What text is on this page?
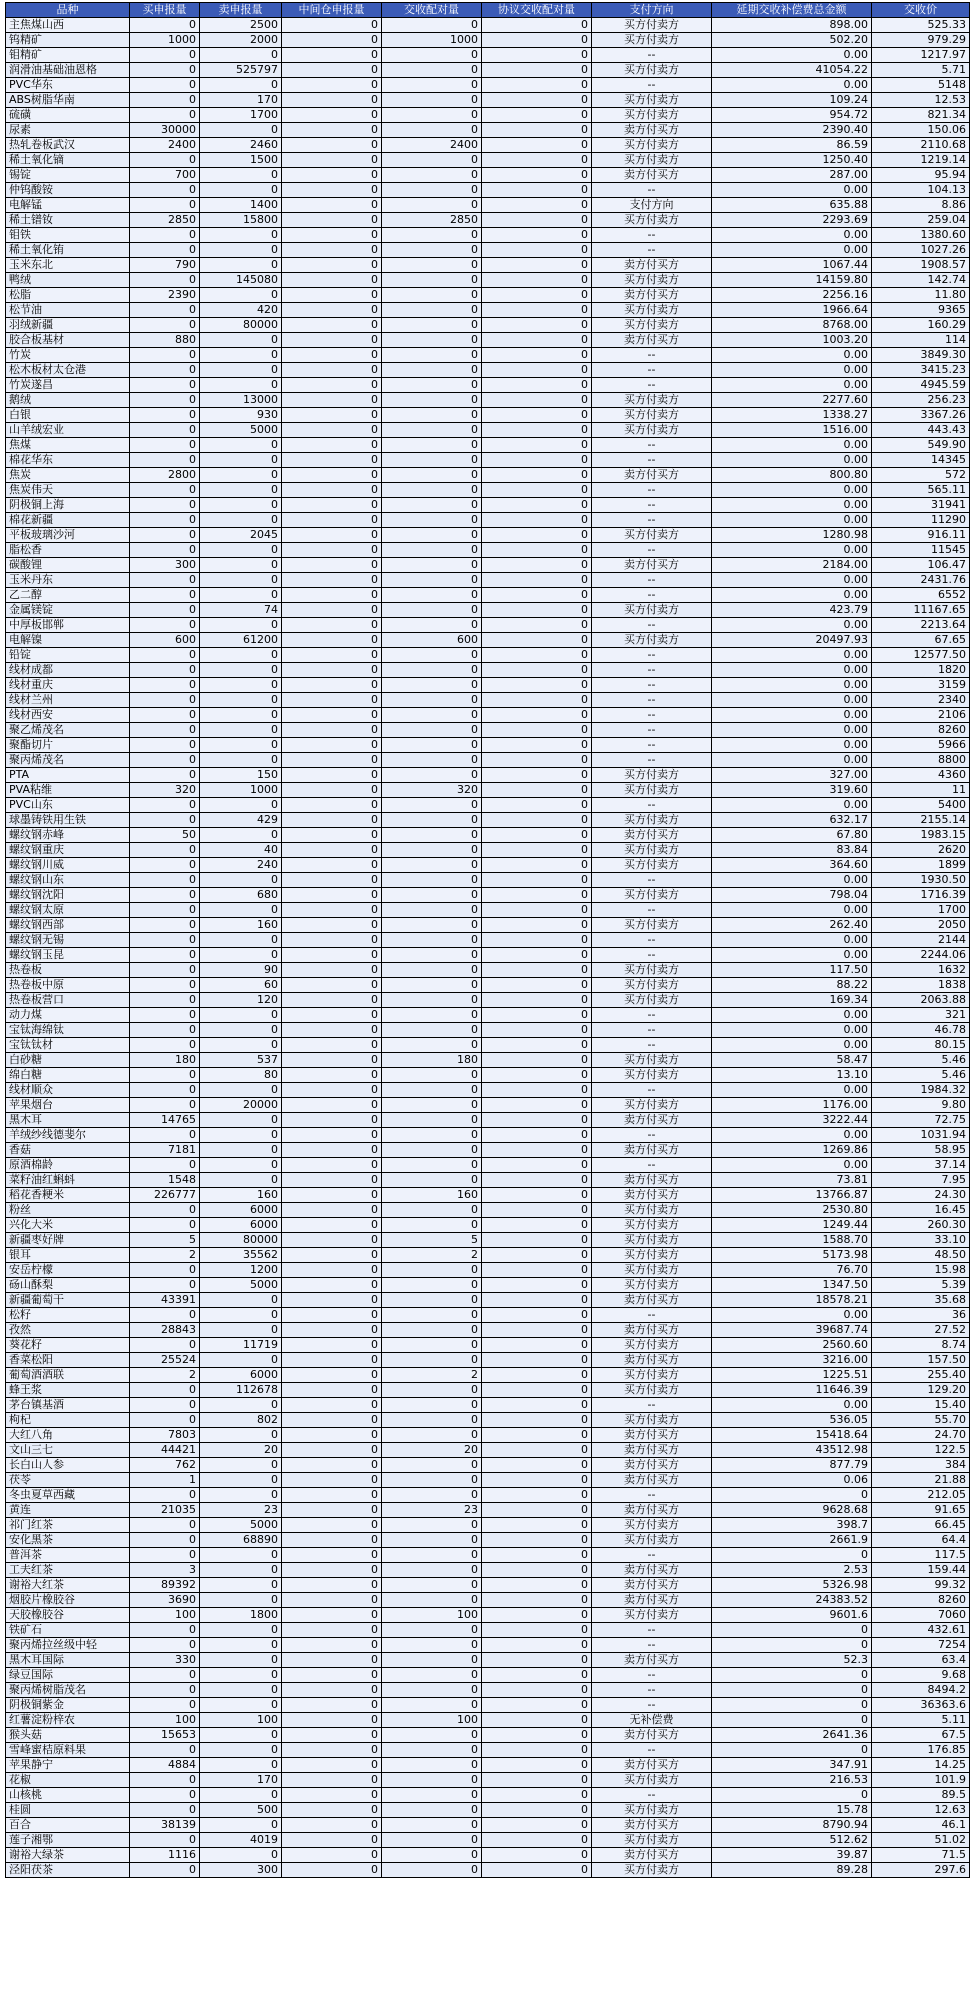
品种	买申报量	卖申报量	中间仓申报量	交收配对量	协议交收配对量	支付方向	延期交收补偿费总金额	交收价
主焦煤山西	0	2500	0	0	0	买方付卖方	898.00	525.33
钨精矿	1000	2000	0	1000	0	买方付卖方	502.20	979.29
钼精矿	0	0	0	0	0	--	0.00	1217.97
润滑油基础油恩格	0	525797	0	0	0	买方付卖方	41054.22	5.71
PVC华东	0	0	0	0	0	--	0.00	5148
ABS树脂华南	0	170	0	0	0	买方付卖方	109.24	12.53
硫磺	0	1700	0	0	0	买方付卖方	954.72	821.34
尿素	30000	0	0	0	0	卖方付买方	2390.40	150.06
热轧卷板武汉	2400	2460	0	2400	0	买方付卖方	86.59	2110.68
稀土氧化镝	0	1500	0	0	0	买方付卖方	1250.40	1219.14
锡锭	700	0	0	0	0	卖方付买方	287.00	95.94
仲钨酸铵	0	0	0	0	0	--	0.00	104.13
电解锰	0	1400	0	0	0	支付方向	635.88	8.86
稀土镨钕	2850	15800	0	2850	0	买方付卖方	2293.69	259.04
钼铁	0	0	0	0	0	--	0.00	1380.60
稀土氧化铕	0	0	0	0	0	--	0.00	1027.26
玉米东北	790	0	0	0	0	卖方付买方	1067.44	1908.57
鸭绒	0	145080	0	0	0	买方付卖方	14159.80	142.74
松脂	2390	0	0	0	0	卖方付买方	2256.16	11.80
松节油	0	420	0	0	0	买方付卖方	1966.64	9365
羽绒新疆	0	80000	0	0	0	买方付卖方	8768.00	160.29
胶合板基材	880	0	0	0	0	卖方付买方	1003.20	114
竹炭	0	0	0	0	0	--	0.00	3849.30
松木板材太仓港	0	0	0	0	0	--	0.00	3415.23
竹炭遂昌	0	0	0	0	0	--	0.00	4945.59
鹅绒	0	13000	0	0	0	买方付卖方	2277.60	256.23
白银	0	930	0	0	0	买方付卖方	1338.27	3367.26
山羊绒宏业	0	5000	0	0	0	买方付卖方	1516.00	443.43
焦煤	0	0	0	0	0	--	0.00	549.90
棉花华东	0	0	0	0	0	--	0.00	14345
焦炭	2800	0	0	0	0	卖方付买方	800.80	572
焦炭伟天	0	0	0	0	0	--	0.00	565.11
阴极铜上海	0	0	0	0	0	--	0.00	31941
棉花新疆	0	0	0	0	0	--	0.00	11290
平板玻璃沙河	0	2045	0	0	0	买方付卖方	1280.98	916.11
脂松香	0	0	0	0	0	--	0.00	11545
碳酸锂	300	0	0	0	0	卖方付买方	2184.00	106.47
玉米丹东	0	0	0	0	0	--	0.00	2431.76
乙二醇	0	0	0	0	0	--	0.00	6552
金属镁锭	0	74	0	0	0	买方付卖方	423.79	11167.65
中厚板邯郸	0	0	0	0	0	--	0.00	2213.64
电解镍	600	61200	0	600	0	买方付卖方	20497.93	67.65
铅锭	0	0	0	0	0	--	0.00	12577.50
线材成都	0	0	0	0	0	--	0.00	1820
线材重庆	0	0	0	0	0	--	0.00	3159
线材兰州	0	0	0	0	0	--	0.00	2340
线材西安	0	0	0	0	0	--	0.00	2106
聚乙烯茂名	0	0	0	0	0	--	0.00	8260
聚酯切片	0	0	0	0	0	--	0.00	5966
聚丙烯茂名	0	0	0	0	0	--	0.00	8800
PTA	0	150	0	0	0	买方付卖方	327.00	4360
PVA粘维	320	1000	0	320	0	买方付卖方	319.60	11
PVC山东	0	0	0	0	0	--	0.00	5400
球墨铸铁用生铁	0	429	0	0	0	买方付卖方	632.17	2155.14
螺纹钢赤峰	50	0	0	0	0	卖方付买方	67.80	1983.15
螺纹钢重庆	0	40	0	0	0	买方付卖方	83.84	2620
螺纹钢川威	0	240	0	0	0	买方付卖方	364.60	1899
螺纹钢山东	0	0	0	0	0	--	0.00	1930.50
螺纹钢沈阳	0	680	0	0	0	买方付卖方	798.04	1716.39
螺纹钢太原	0	0	0	0	0	--	0.00	1700
螺纹钢西部	0	160	0	0	0	买方付卖方	262.40	2050
螺纹钢无锡	0	0	0	0	0	--	0.00	2144
螺纹钢玉昆	0	0	0	0	0	--	0.00	2244.06
热卷板	0	90	0	0	0	买方付卖方	117.50	1632
热卷板中原	0	60	0	0	0	买方付卖方	88.22	1838
热卷板营口	0	120	0	0	0	买方付卖方	169.34	2063.88
动力煤	0	0	0	0	0	--	0.00	321
宝钛海绵钛	0	0	0	0	0	--	0.00	46.78
宝钛钛材	0	0	0	0	0	--	0.00	80.15
白砂糖	180	537	0	180	0	买方付卖方	58.47	5.46
绵白糖	0	80	0	0	0	买方付卖方	13.10	5.46
线材顺众	0	0	0	0	0	--	0.00	1984.32
苹果烟台	0	20000	0	0	0	买方付卖方	1176.00	9.80
黑木耳	14765	0	0	0	0	卖方付买方	3222.44	72.75
羊绒纱线德斐尔	0	0	0	0	0	--	0.00	1031.94
香菇	7181	0	0	0	0	卖方付买方	1269.86	58.95
原酒棉龄	0	0	0	0	0	--	0.00	37.14
菜籽油红蝌蚪	1548	0	0	0	0	卖方付买方	73.81	7.95
稻花香粳米	226777	160	0	160	0	卖方付买方	13766.87	24.30
粉丝	0	6000	0	0	0	买方付卖方	2530.80	16.45
兴化大米	0	6000	0	0	0	买方付卖方	1249.44	260.30
新疆枣好牌	5	80000	0	5	0	买方付卖方	1588.70	33.10
银耳	2	35562	0	2	0	买方付卖方	5173.98	48.50
安岳柠檬	0	1200	0	0	0	买方付卖方	76.70	15.98
砀山酥梨	0	5000	0	0	0	买方付卖方	1347.50	5.39
新疆葡萄干	43391	0	0	0	0	卖方付买方	18578.21	35.68
松籽	0	0	0	0	0	--	0.00	36
孜然	28843	0	0	0	0	卖方付买方	39687.74	27.52
葵花籽	0	11719	0	0	0	买方付卖方	2560.60	8.74
香菜松阳	25524	0	0	0	0	卖方付买方	3216.00	157.50
葡萄酒酒联	2	6000	0	2	0	买方付卖方	1225.51	255.40
蜂王浆	0	112678	0	0	0	买方付卖方	11646.39	129.20
茅台镇基酒	0	0	0	0	0	--	0.00	15.40
枸杞	0	802	0	0	0	买方付卖方	536.05	55.70
大红八角	7803	0	0	0	0	卖方付买方	15418.64	24.70
文山三七	44421	20	0	20	0	卖方付买方	43512.98	122.5
长白山人参	762	0	0	0	0	卖方付买方	877.79	384
茯苓	1	0	0	0	0	卖方付买方	0.06	21.88
冬虫夏草西藏	0	0	0	0	0	--	0	212.05
黄连	21035	23	0	23	0	卖方付买方	9628.68	91.65
祁门红茶	0	5000	0	0	0	买方付卖方	398.7	66.45
安化黑茶	0	68890	0	0	0	买方付卖方	2661.9	64.4
普洱茶	0	0	0	0	0	--	0	117.5
工夫红茶	3	0	0	0	0	卖方付买方	2.53	159.44
谢裕大红茶	89392	0	0	0	0	卖方付买方	5326.98	99.32
烟胶片橡胶谷	3690	0	0	0	0	卖方付买方	24383.52	8260
天胶橡胶谷	100	1800	0	100	0	买方付卖方	9601.6	7060
铁矿石	0	0	0	0	0	--	0	432.61
聚丙烯拉丝级中轻	0	0	0	0	0	--	0	7254
黑木耳国际	330	0	0	0	0	卖方付买方	52.3	63.4
绿豆国际	0	0	0	0	0	--	0	9.68
聚丙烯树脂茂名	0	0	0	0	0	--	0	8494.2
阴极铜紫金	0	0	0	0	0	--	0	36363.6
红薯淀粉梓农	100	100	0	100	0	无补偿费	0	5.11
猴头菇	15653	0	0	0	0	卖方付买方	2641.36	67.5
雪峰蜜桔原料果	0	0	0	0	0	--	0	176.85
苹果静宁	4884	0	0	0	0	卖方付买方	347.91	14.25
花椒	0	170	0	0	0	买方付卖方	216.53	101.9
山核桃	0	0	0	0	0	--	0	89.5
桂圆	0	500	0	0	0	买方付卖方	15.78	12.63
百合	38139	0	0	0	0	卖方付买方	8790.94	46.1
莲子湘鄂	0	4019	0	0	0	买方付卖方	512.62	51.02
谢裕大绿茶	1116	0	0	0	0	卖方付买方	39.87	71.5
泾阳茯茶	0	300	0	0	0	买方付卖方	89.28	297.6
